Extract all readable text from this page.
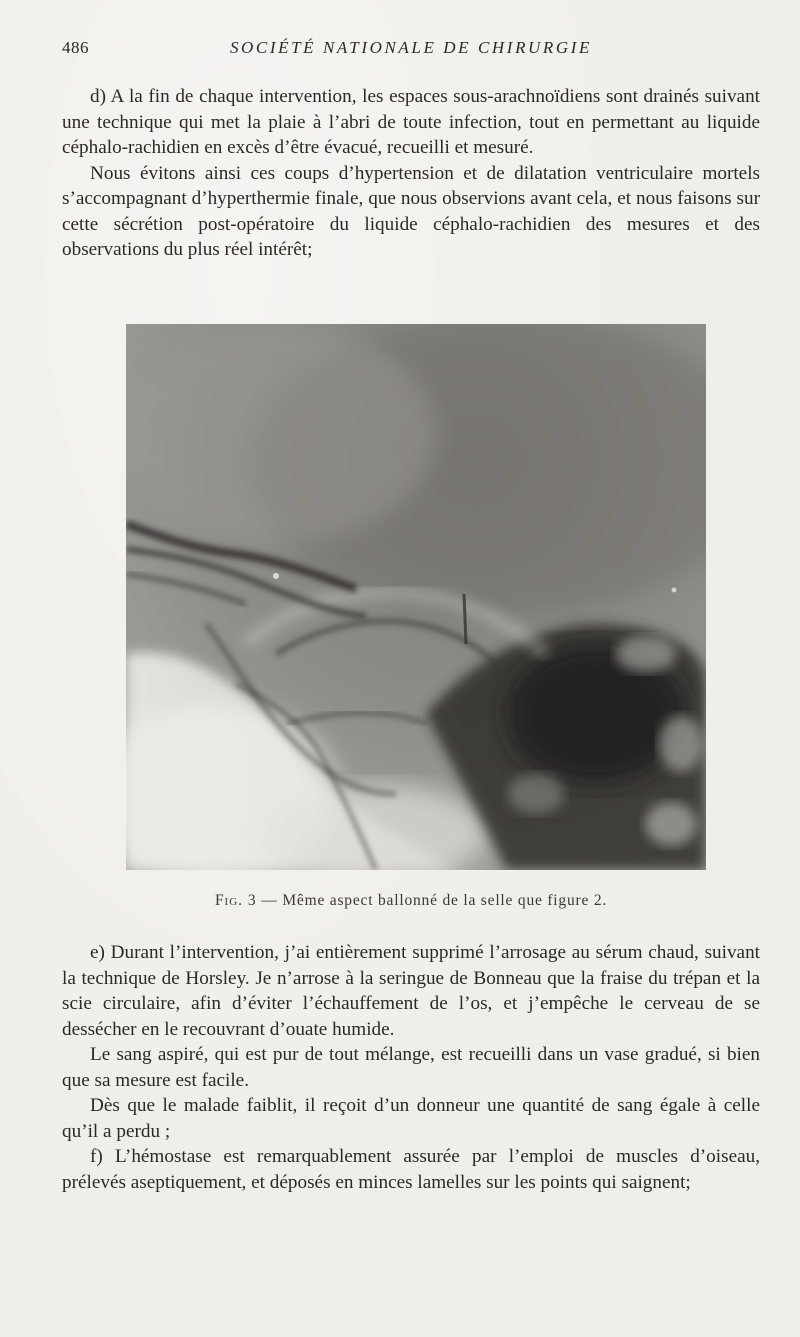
486	SOCIÉTÉ NATIONALE DE CHIRURGIE

d) A la fin de chaque intervention, les espaces sous-arachnoïdiens sont drainés suivant une technique qui met la plaie à l’abri de toute infection, tout en permettant au liquide céphalo-rachidien en excès d’être évacué, recueilli et mesuré.

Nous évitons ainsi ces coups d’hypertension et de dilatation ventriculaire mortels s’accompagnant d’hyperthermie finale, que nous observions avant cela, et nous faisons sur cette sécrétion post-opératoire du liquide céphalo-rachidien des mesures et des observations du plus réel intérêt;

Fig. 3 — Même aspect ballonné de la selle que figure 2.

e) Durant l’intervention, j’ai entièrement supprimé l’arrosage au sérum chaud, suivant la technique de Horsley. Je n’arrose à la seringue de Bonneau que la fraise du trépan et la scie circulaire, afin d’éviter l’échauffement de l’os, et j’empêche le cerveau de se dessécher en le recouvrant d’ouate humide.

Le sang aspiré, qui est pur de tout mélange, est recueilli dans un vase gradué, si bien que sa mesure est facile.

Dès que le malade faiblit, il reçoit d’un donneur une quantité de sang égale à celle qu’il a perdu ;

f) L’hémostase est remarquablement assurée par l’emploi de muscles d’oiseau, prélevés aseptiquement, et déposés en minces lamelles sur les points qui saignent;
